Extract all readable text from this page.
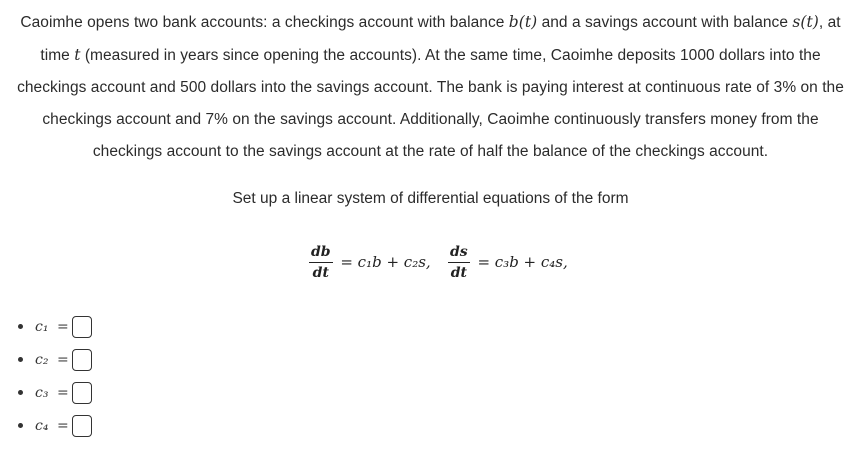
Caoimhe opens two bank accounts: a checkings account with balance b(t) and a savings account with balance s(t), at time t (measured in years since opening the accounts). At the same time, Caoimhe deposits 1000 dollars into the checkings account and 500 dollars into the savings account. The bank is paying interest at continuous rate of 3% on the checkings account and 7% on the savings account. Additionally, Caoimhe continuously transfers money from the checkings account to the savings account at the rate of half the balance of the checkings account.
Set up a linear system of differential equations of the form
$\frac{db}{dt} = c_1b + c_2s$, $\frac{ds}{dt} = c_3b + c_4s$,
c₁ =
c₂ =
c₃ =
c₄ =
